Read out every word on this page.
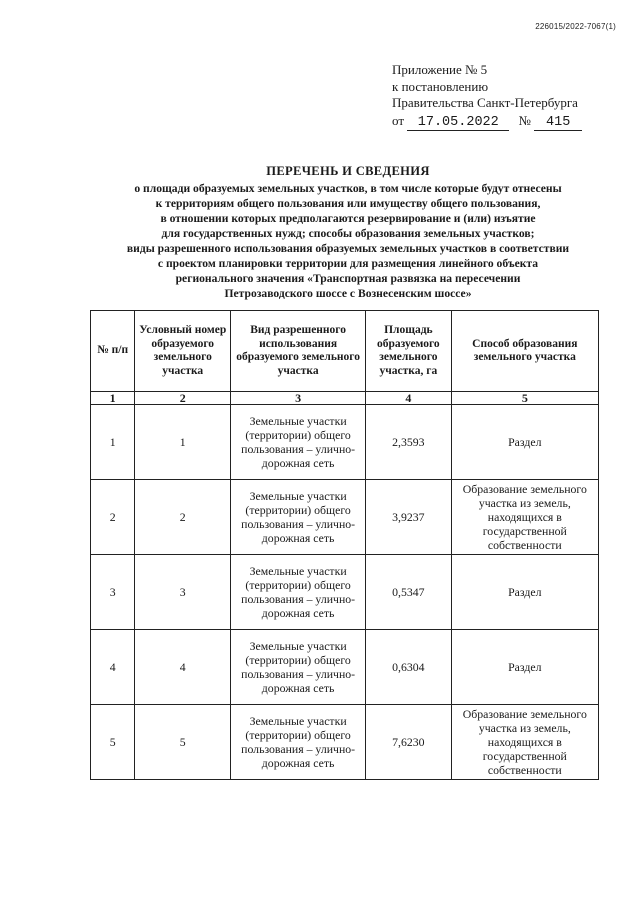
226015/2022-7067(1)
Приложение № 5
к постановлению
Правительства Санкт-Петербурга
от 17.05.2022 № 415
ПЕРЕЧЕНЬ И СВЕДЕНИЯ
о площади образуемых земельных участков, в том числе которые будут отнесены
к территориям общего пользования или имуществу общего пользования,
в отношении которых предполагаются резервирование и (или) изъятие
для государственных нужд; способы образования земельных участков;
виды разрешенного использования образуемых земельных участков в соответствии
с проектом планировки территории для размещения линейного объекта
регионального значения «Транспортная развязка на пересечении
Петрозаводского шоссе с Вознесенским шоссе»
№ п/п	Условный номер образуемого земельного участка	Вид разрешенного использования образуемого земельного участка	Площадь образуемого земельного участка, га	Способ образования земельного участка
1	2	3	4	5
1	1	Земельные участки (территории) общего пользования – улично-дорожная сеть	2,3593	Раздел
2	2	Земельные участки (территории) общего пользования – улично-дорожная сеть	3,9237	Образование земельного участка из земель, находящихся в государственной собственности
3	3	Земельные участки (территории) общего пользования – улично-дорожная сеть	0,5347	Раздел
4	4	Земельные участки (территории) общего пользования – улично-дорожная сеть	0,6304	Раздел
5	5	Земельные участки (территории) общего пользования – улично-дорожная сеть	7,6230	Образование земельного участка из земель, находящихся в государственной собственности
